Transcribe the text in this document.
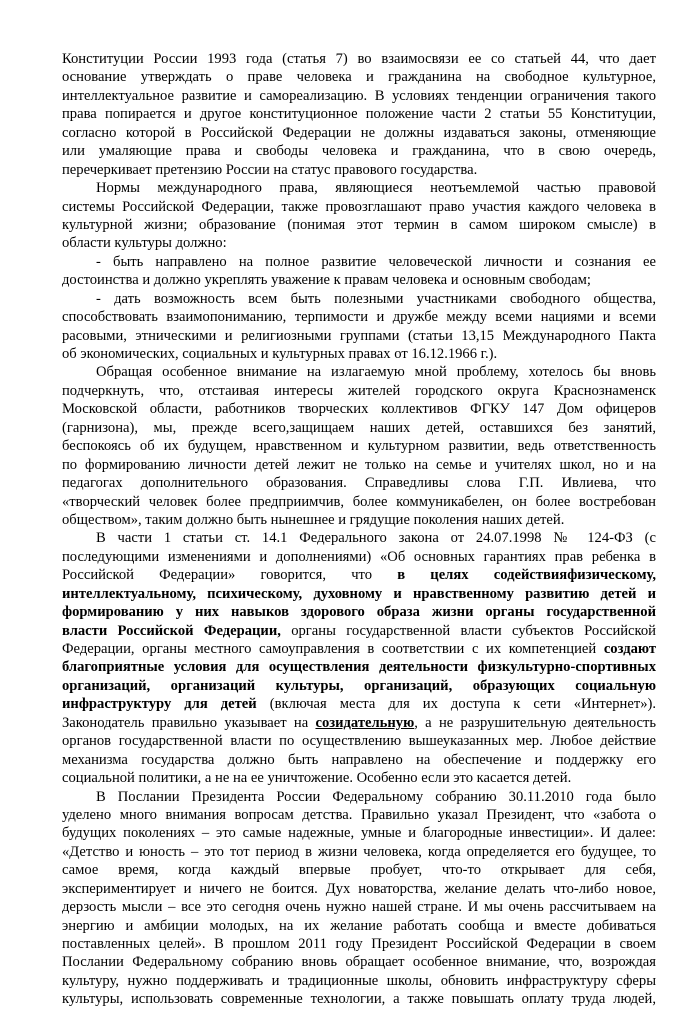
Конституции России 1993 года (статья 7) во взаимосвязи ее со статьей 44, что дает
основание утверждать о праве человека и гражданина на свободное культурное,
интеллектуальное развитие и самореализацию. В условиях тенденции ограничения такого
права попирается и другое конституционное положение части 2 статьи 55 Конституции,
согласно которой в Российской Федерации не должны издаваться законы, отменяющие
или умаляющие права и свободы человека и гражданина, что в свою очередь,
перечеркивает претензию России на статус правового государства.
Нормы международного права, являющиеся неотъемлемой частью правовой
системы Российской Федерации, также провозглашают право участия каждого человека в
культурной жизни; образование (понимая этот термин в самом широком смысле) в
области культуры должно:
- быть направлено на полное развитие человеческой личности и сознания ее
достоинства и должно укреплять уважение к правам человека и основным свободам;
- дать возможность всем быть полезными участниками свободного общества,
способствовать взаимопониманию, терпимости и дружбе между всеми нациями и всеми
расовыми, этническими и религиозными группами (статьи 13,15 Международного Пакта
об экономических, социальных и культурных правах от 16.12.1966 г.).
Обращая особенное внимание на излагаемую мной проблему, хотелось бы вновь
подчеркнуть, что, отстаивая интересы жителей городского округа Краснознаменск
Московской области, работников творческих коллективов ФГКУ 147 Дом офицеров
(гарнизона), мы, прежде всего,защищаем наших детей, оставшихся без занятий,
беспокоясь об их будущем, нравственном и культурном развитии, ведь ответственность
по формированию личности детей лежит не только на семье и учителях школ, но и на
педагогах дополнительного образования. Справедливы слова Г.П. Ивлиева, что
«творческий человек более предприимчив, более коммуникабелен, он более востребован
обществом», таким должно быть нынешнее и грядущие поколения наших детей.
В части 1 статьи ст. 14.1 Федерального закона от 24.07.1998 № 124-ФЗ (с
последующими изменениями и дополнениями) «Об основных гарантиях прав ребенка в
Российской Федерации» говорится, что в целях содействияфизическому,
интеллектуальному, психическому, духовному и нравственному развитию детей и
формированию у них навыков здорового образа жизни органы государственной
власти Российской Федерации, органы государственной власти субъектов Российской
Федерации, органы местного самоуправления в соответствии с их компетенцией создают
благоприятные условия для осуществления деятельности физкультурно-спортивных
организаций, организаций культуры, организаций, образующих социальную
инфраструктуру для детей (включая места для их доступа к сети «Интернет»).
Законодатель правильно указывает на созидательную, а не разрушительную деятельность
органов государственной власти по осуществлению вышеуказанных мер. Любое действие
механизма государства должно быть направлено на обеспечение и поддержку его
социальной политики, а не на ее уничтожение. Особенно если это касается детей.
В Послании Президента России Федеральному собранию 30.11.2010 года было
уделено много внимания вопросам детства. Правильно указал Президент, что «забота о
будущих поколениях – это самые надежные, умные и благородные инвестиции». И далее:
«Детство и юность – это тот период в жизни человека, когда определяется его будущее, то
самое время, когда каждый впервые пробует, что-то открывает для себя,
экспериментирует и ничего не боится. Дух новаторства, желание делать что-либо новое,
дерзость мысли – все это сегодня очень нужно нашей стране. И мы очень рассчитываем на
энергию и амбиции молодых, на их желание работать сообща и вместе добиваться
поставленных целей». В прошлом 2011 году Президент Российской Федерации в своем
Послании Федеральному собранию вновь обращает особенное внимание, что, возрождая
культуру, нужно поддерживать и традиционные школы, обновить инфраструктуру сферы
культуры, использовать современные технологии, а также повышать оплату труда людей,
